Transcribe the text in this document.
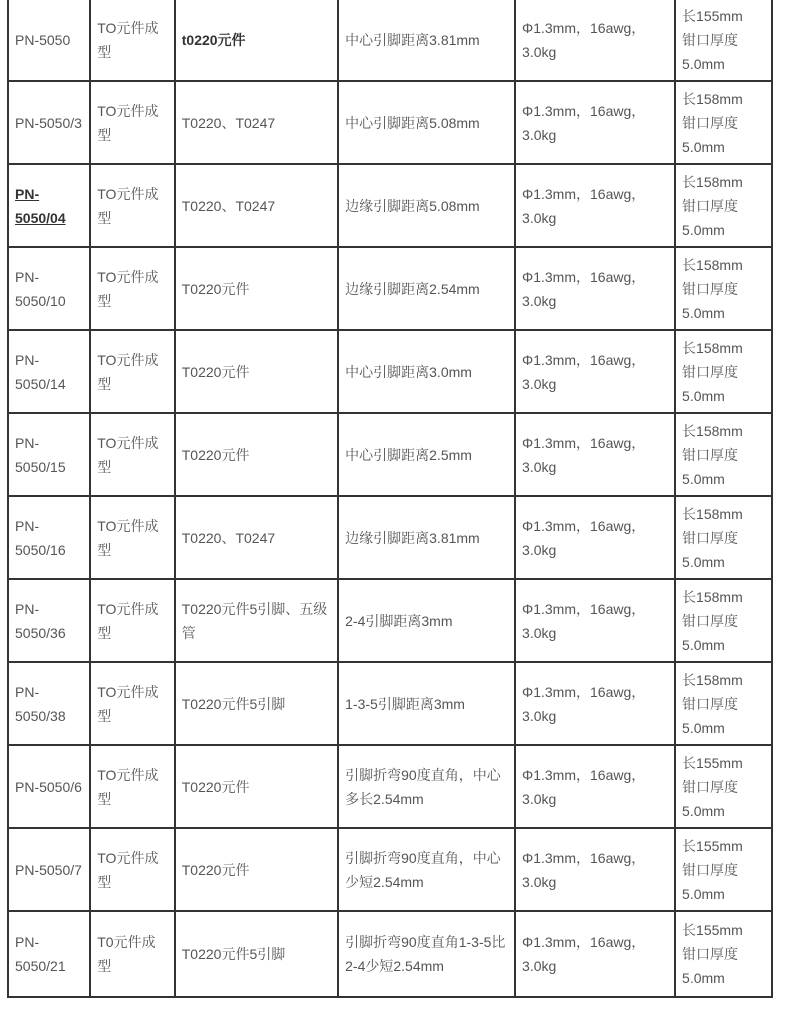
PN-5050	TO元件成型	t0220元件	中心引脚距离3.81mm	Φ1.3mm，16awg，3.0kg	长155mm
钳口厚度
5.0mm

PN-5050/3	TO元件成型	T0220、T0247	中心引脚距离5.08mm	Φ1.3mm，16awg，3.0kg	长158mm
钳口厚度
5.0mm

PN-5050/04	TO元件成型	T0220、T0247	边缘引脚距离5.08mm	Φ1.3mm，16awg，3.0kg	长158mm
钳口厚度
5.0mm

PN-5050/10	TO元件成型	T0220元件	边缘引脚距离2.54mm	Φ1.3mm，16awg，3.0kg	长158mm
钳口厚度
5.0mm

PN-5050/14	TO元件成型	T0220元件	中心引脚距离3.0mm	Φ1.3mm，16awg，3.0kg	长158mm
钳口厚度
5.0mm

PN-5050/15	TO元件成型	T0220元件	中心引脚距离2.5mm	Φ1.3mm，16awg，3.0kg	长158mm
钳口厚度
5.0mm

PN-5050/16	TO元件成型	T0220、T0247	边缘引脚距离3.81mm	Φ1.3mm，16awg，3.0kg	长158mm
钳口厚度
5.0mm

PN-5050/36	TO元件成型	T0220元件5引脚、五级管	2-4引脚距离3mm	Φ1.3mm，16awg，3.0kg	长158mm
钳口厚度
5.0mm

PN-5050/38	TO元件成型	T0220元件5引脚	1-3-5引脚距离3mm	Φ1.3mm，16awg，3.0kg	长158mm
钳口厚度
5.0mm

PN-5050/6	TO元件成型	T0220元件	引脚折弯90度直角，中心多长2.54mm	Φ1.3mm，16awg，3.0kg	长155mm
钳口厚度
5.0mm

PN-5050/7	TO元件成型	T0220元件	引脚折弯90度直角，中心少短2.54mm	Φ1.3mm，16awg，3.0kg	长155mm
钳口厚度
5.0mm

PN-5050/21	T0元件成型	T0220元件5引脚	引脚折弯90度直角1-3-5比2-4少短2.54mm	Φ1.3mm，16awg，3.0kg	长155mm
钳口厚度
5.0mm
